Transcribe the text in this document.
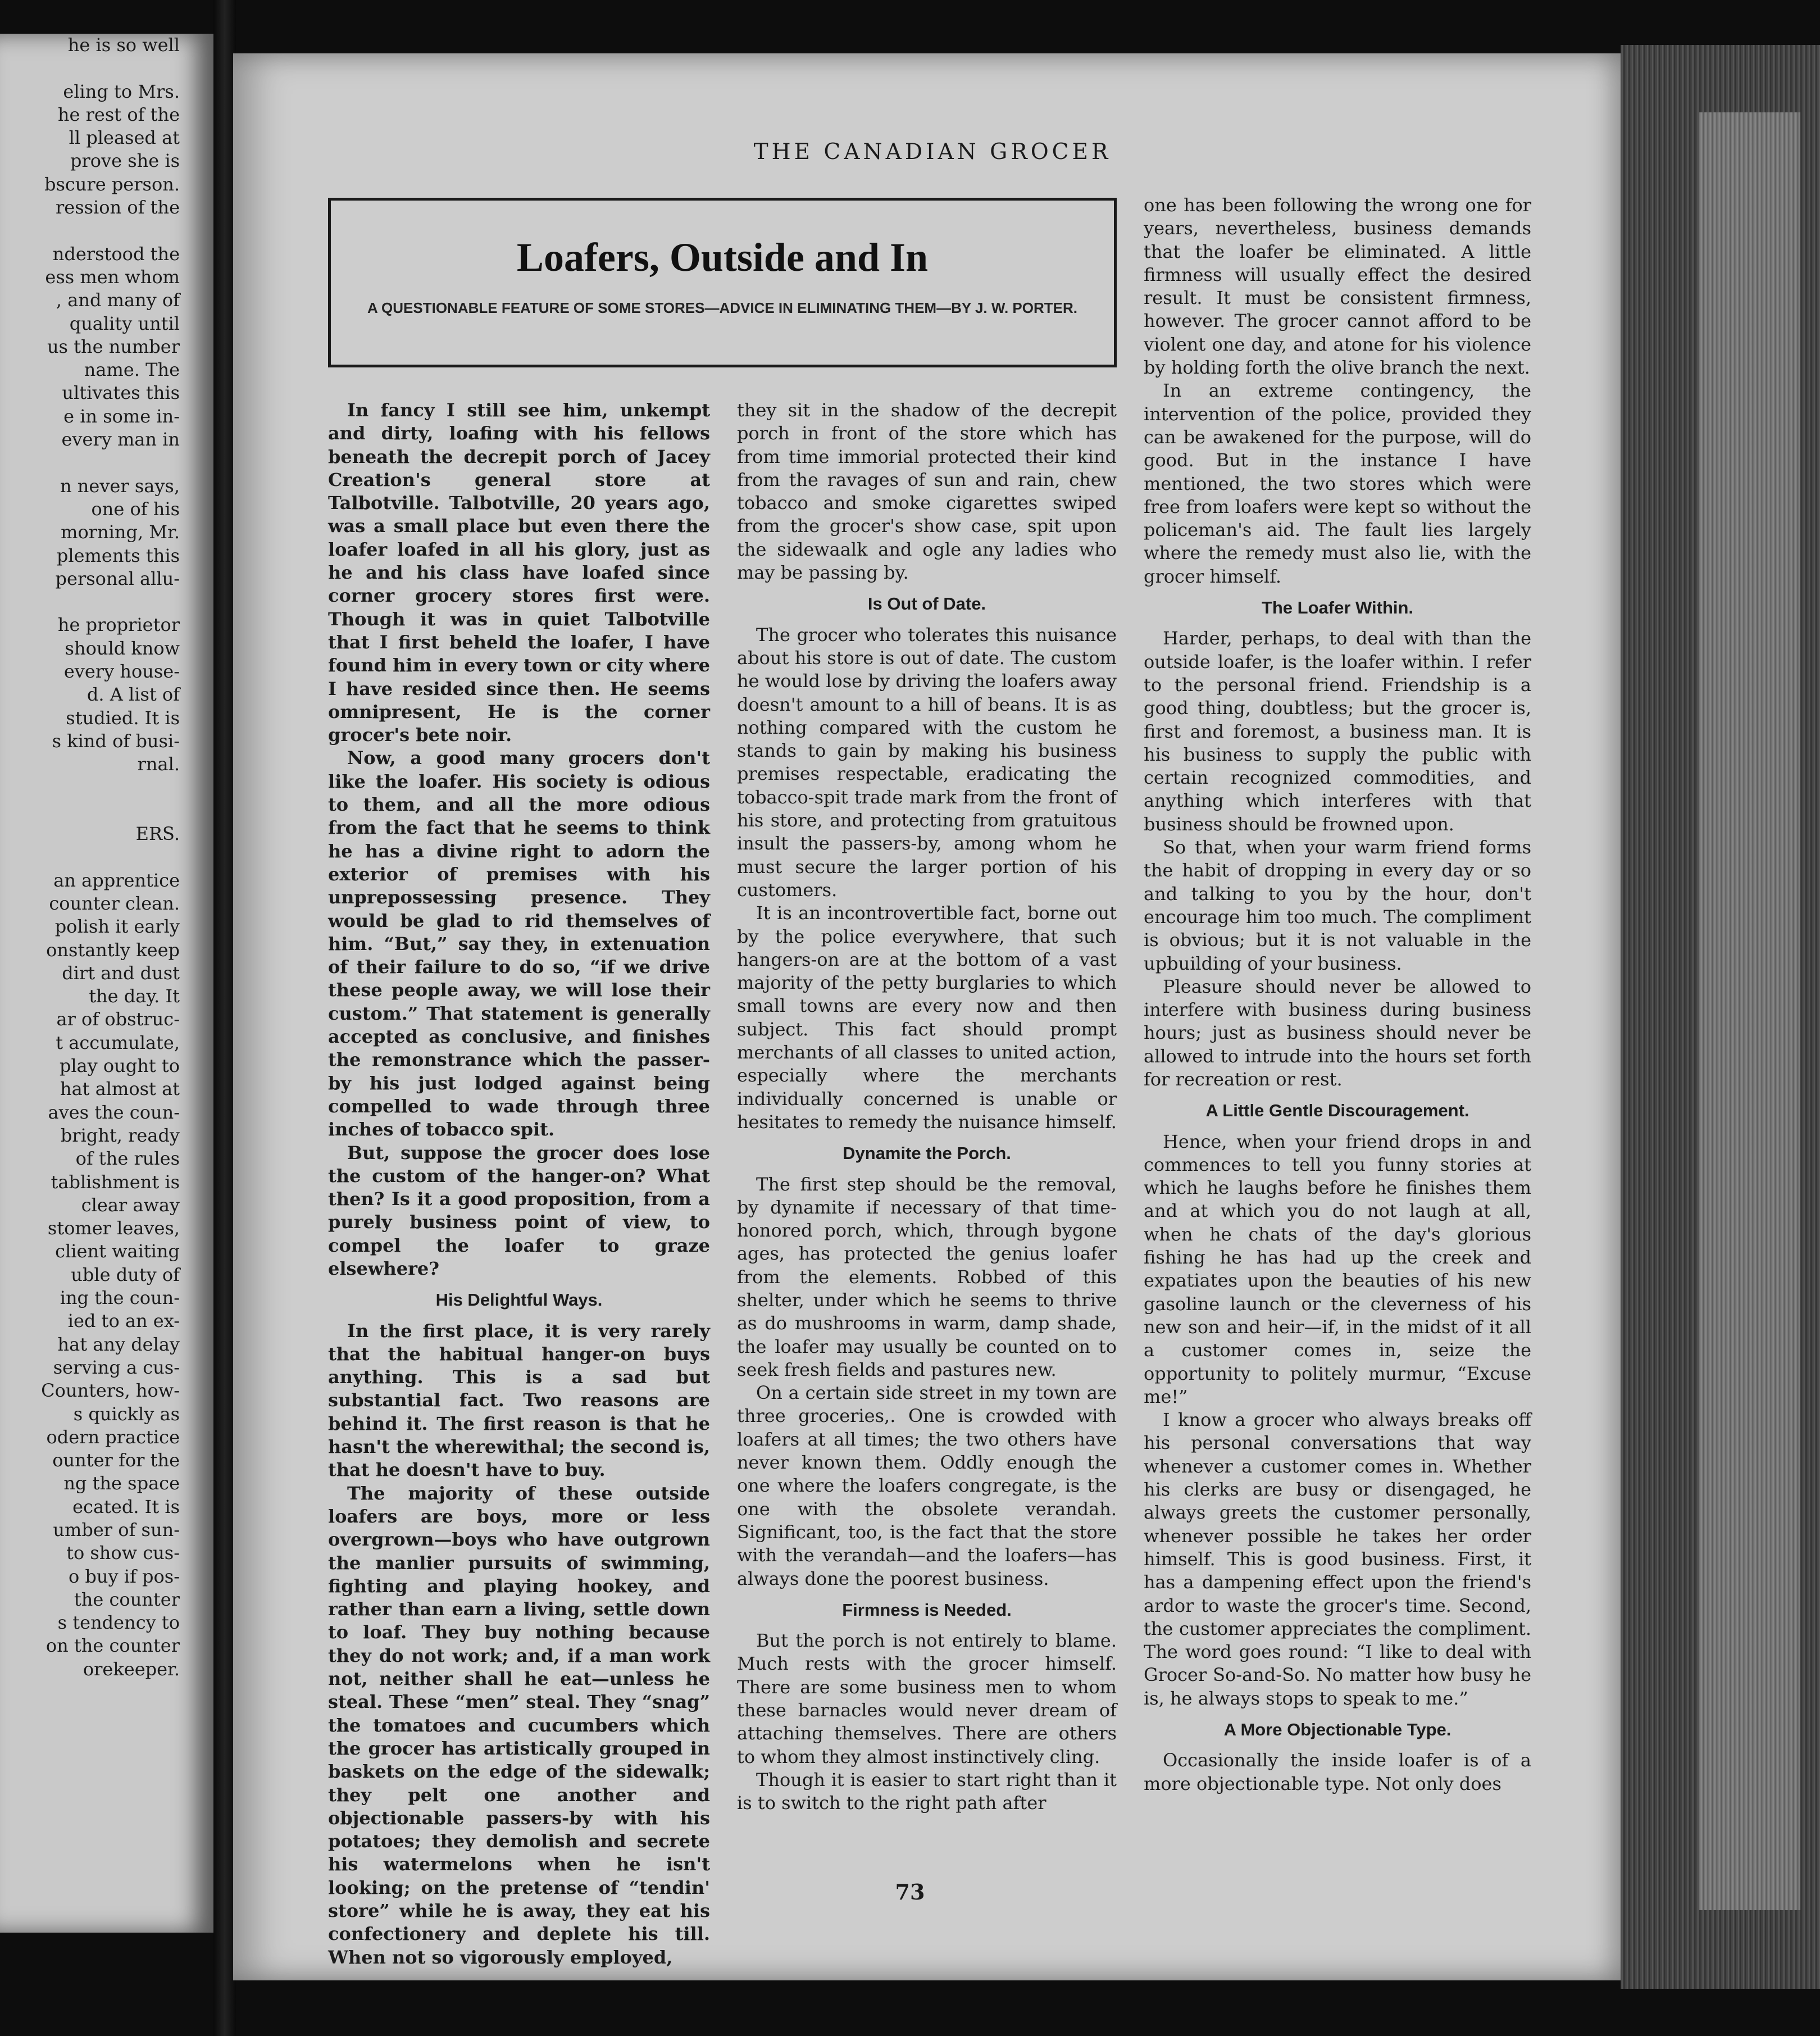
he is so well
eling to Mrs.
he rest of the
ll pleased at
prove she is
bscure person.
ression of the
nderstood the
ess men whom
, and many of
quality until
us the number
name. The
ultivates this
e in some in-
every man in
n never says,
one of his
morning, Mr.
plements this
personal allu-
he proprietor
should know
every house-
d. A list of
studied. It is
s kind of busi-
rnal.
ERS.
an apprentice
counter clean.
polish it early
onstantly keep
dirt and dust
the day. It
ar of obstruc-
t accumulate,
play ought to
hat almost at
aves the coun-
bright, ready
of the rules
tablishment is
clear away
stomer leaves,
client waiting
uble duty of
ing the coun-
ied to an ex-
hat any delay
serving a cus-
Counters, how-
s quickly as
odern practice
ounter for the
ng the space
ecated. It is
umber of sun-
to show cus-
o buy if pos-
the counter
s tendency to
on the counter
orekeeper.
THE CANADIAN GROCER
Loafers, Outside and In
A QUESTIONABLE FEATURE OF SOME STORES—ADVICE IN ELIMINATING THEM—BY J. W. PORTER.

In fancy I still see him, unkempt and dirty, loafing with his fellows beneath the decrepit porch of Jacey Creation's general store at Talbotville. Talbotville, 20 years ago, was a small place but even there the loafer loafed in all his glory, just as he and his class have loafed since corner grocery stores first were. Though it was in quiet Talbotville that I first beheld the loafer, I have found him in every town or city where I have resided since then. He seems omnipresent, He is the corner grocer's bete noir.

Now, a good many grocers don't like the loafer. His society is odious to them, and all the more odious from the fact that he seems to think he has a divine right to adorn the exterior of premises with his unprepossessing presence. They would be glad to rid themselves of him. “But,” say they, in extenuation of their failure to do so, “if we drive these people away, we will lose their custom.” That statement is generally accepted as conclusive, and finishes the remonstrance which the passer-by his just lodged against being compelled to wade through three inches of tobacco spit.

But, suppose the grocer does lose the custom of the hanger-on? What then? Is it a good proposition, from a purely business point of view, to compel the loafer to graze elsewhere?

His Delightful Ways.

In the first place, it is very rarely that the habitual hanger-on buys anything. This is a sad but substantial fact. Two reasons are behind it. The first reason is that he hasn't the wherewithal; the second is, that he doesn't have to buy.

The majority of these outside loafers are boys, more or less overgrown—boys who have outgrown the manlier pursuits of swimming, fighting and playing hookey, and rather than earn a living, settle down to loaf. They buy nothing because they do not work; and, if a man work not, neither shall he eat—unless he steal. These “men” steal. They “snag” the tomatoes and cucumbers which the grocer has artistically grouped in baskets on the edge of the sidewalk; they pelt one another and objectionable passers-by with his potatoes; they demolish and secrete his watermelons when he isn't looking; on the pretense of “tendin' store” while he is away, they eat his confectionery and deplete his till. When not so vigorously employed,

they sit in the shadow of the decrepit porch in front of the store which has from time immorial protected their kind from the ravages of sun and rain, chew tobacco and smoke cigarettes swiped from the grocer's show case, spit upon the sidewaalk and ogle any ladies who may be passing by.

Is Out of Date.

The grocer who tolerates this nuisance about his store is out of date. The custom he would lose by driving the loafers away doesn't amount to a hill of beans. It is as nothing compared with the custom he stands to gain by making his business premises respectable, eradicating the tobacco-spit trade mark from the front of his store, and protecting from gratuitous insult the passers-by, among whom he must secure the larger portion of his customers.

It is an incontrovertible fact, borne out by the police everywhere, that such hangers-on are at the bottom of a vast majority of the petty burglaries to which small towns are every now and then subject. This fact should prompt merchants of all classes to united action, especially where the merchants individually concerned is unable or hesitates to remedy the nuisance himself.

Dynamite the Porch.

The first step should be the removal, by dynamite if necessary of that time-honored porch, which, through bygone ages, has protected the genius loafer from the elements. Robbed of this shelter, under which he seems to thrive as do mushrooms in warm, damp shade, the loafer may usually be counted on to seek fresh fields and pastures new.

On a certain side street in my town are three groceries,. One is crowded with loafers at all times; the two others have never known them. Oddly enough the one where the loafers congregate, is the one with the obsolete verandah. Significant, too, is the fact that the store with the verandah—and the loafers—has always done the poorest business.

Firmness is Needed.

But the porch is not entirely to blame. Much rests with the grocer himself. There are some business men to whom these barnacles would never dream of attaching themselves. There are others to whom they almost instinctively cling.

Though it is easier to start right than it is to switch to the right path after

one has been following the wrong one for years, nevertheless, business demands that the loafer be eliminated. A little firmness will usually effect the desired result. It must be consistent firmness, however. The grocer cannot afford to be violent one day, and atone for his violence by holding forth the olive branch the next.

In an extreme contingency, the intervention of the police, provided they can be awakened for the purpose, will do good. But in the instance I have mentioned, the two stores which were free from loafers were kept so without the policeman's aid. The fault lies largely where the remedy must also lie, with the grocer himself.

The Loafer Within.

Harder, perhaps, to deal with than the outside loafer, is the loafer within. I refer to the personal friend. Friendship is a good thing, doubtless; but the grocer is, first and foremost, a business man. It is his business to supply the public with certain recognized commodities, and anything which interferes with that business should be frowned upon.

So that, when your warm friend forms the habit of dropping in every day or so and talking to you by the hour, don't encourage him too much. The compliment is obvious; but it is not valuable in the upbuilding of your business.

Pleasure should never be allowed to interfere with business during business hours; just as business should never be allowed to intrude into the hours set forth for recreation or rest.

A Little Gentle Discouragement.

Hence, when your friend drops in and commences to tell you funny stories at which he laughs before he finishes them and at which you do not laugh at all, when he chats of the day's glorious fishing he has had up the creek and expatiates upon the beauties of his new gasoline launch or the cleverness of his new son and heir—if, in the midst of it all a customer comes in, seize the opportunity to politely murmur, “Excuse me!”

I know a grocer who always breaks off his personal conversations that way whenever a customer comes in. Whether his clerks are busy or disengaged, he always greets the customer personally, whenever possible he takes her order himself. This is good business. First, it has a dampening effect upon the friend's ardor to waste the grocer's time. Second, the customer appreciates the compliment. The word goes round: “I like to deal with Grocer So-and-So. No matter how busy he is, he always stops to speak to me.”

A More Objectionable Type.

Occasionally the inside loafer is of a more objectionable type. Not only does

73
